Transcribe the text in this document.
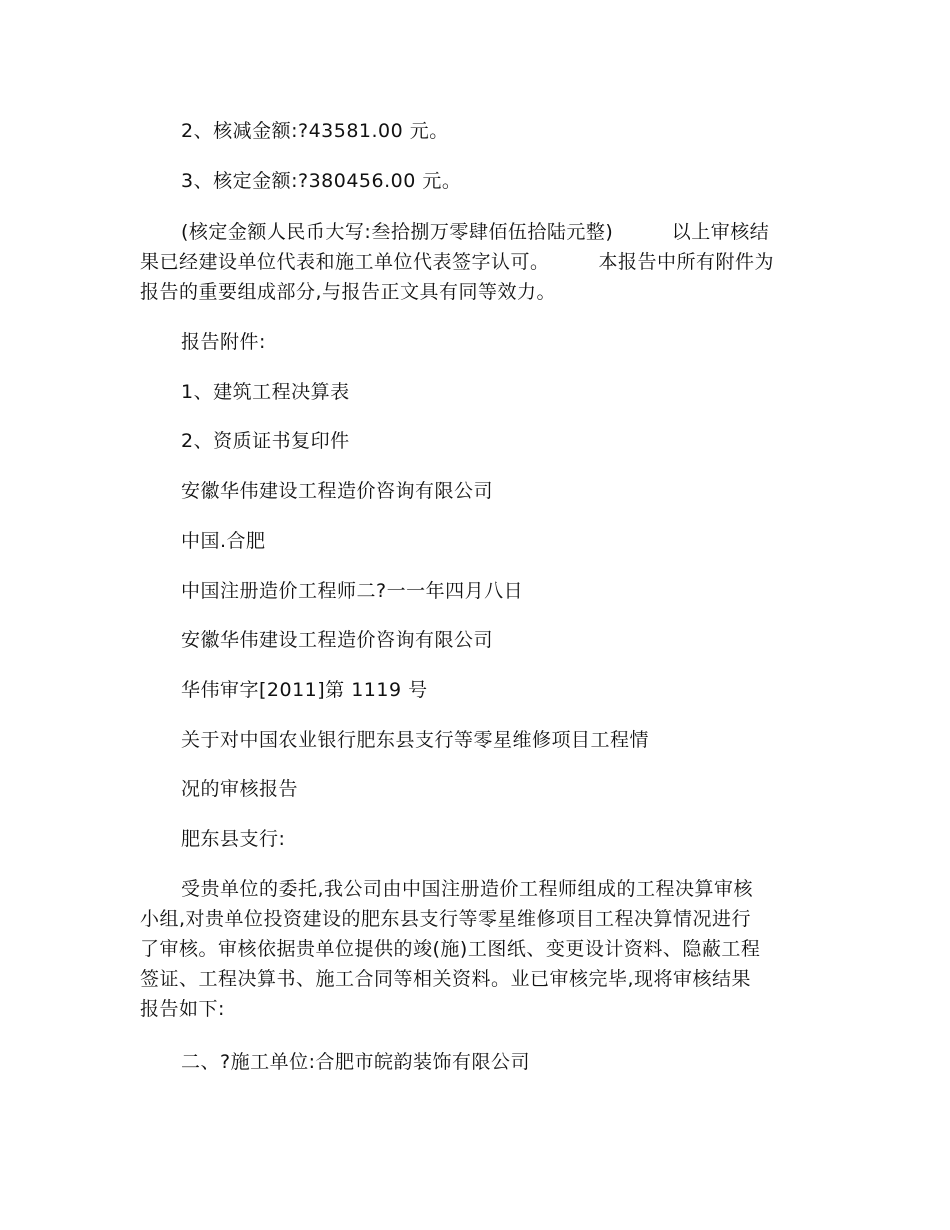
2、核减金额:?43581.00 元。
3、核定金额:?380456.00 元。
(核定金额人民币大写:叁拾捌万零肆佰伍拾陆元整)　　　以上审核结
果已经建设单位代表和施工单位代表签字认可。　　　本报告中所有附件为
报告的重要组成部分,与报告正文具有同等效力。
报告附件:
1、建筑工程决算表
2、资质证书复印件
安徽华伟建设工程造价咨询有限公司
中国.合肥
中国注册造价工程师二?一一年四月八日
安徽华伟建设工程造价咨询有限公司
华伟审字[2011]第 1119 号
关于对中国农业银行肥东县支行等零星维修项目工程情
况的审核报告
肥东县支行:
受贵单位的委托,我公司由中国注册造价工程师组成的工程决算审核
小组,对贵单位投资建设的肥东县支行等零星维修项目工程决算情况进行
了审核。审核依据贵单位提供的竣(施)工图纸、变更设计资料、隐蔽工程
签证、工程决算书、施工合同等相关资料。业已审核完毕,现将审核结果
报告如下:
二、?施工单位:合肥市皖韵装饰有限公司
